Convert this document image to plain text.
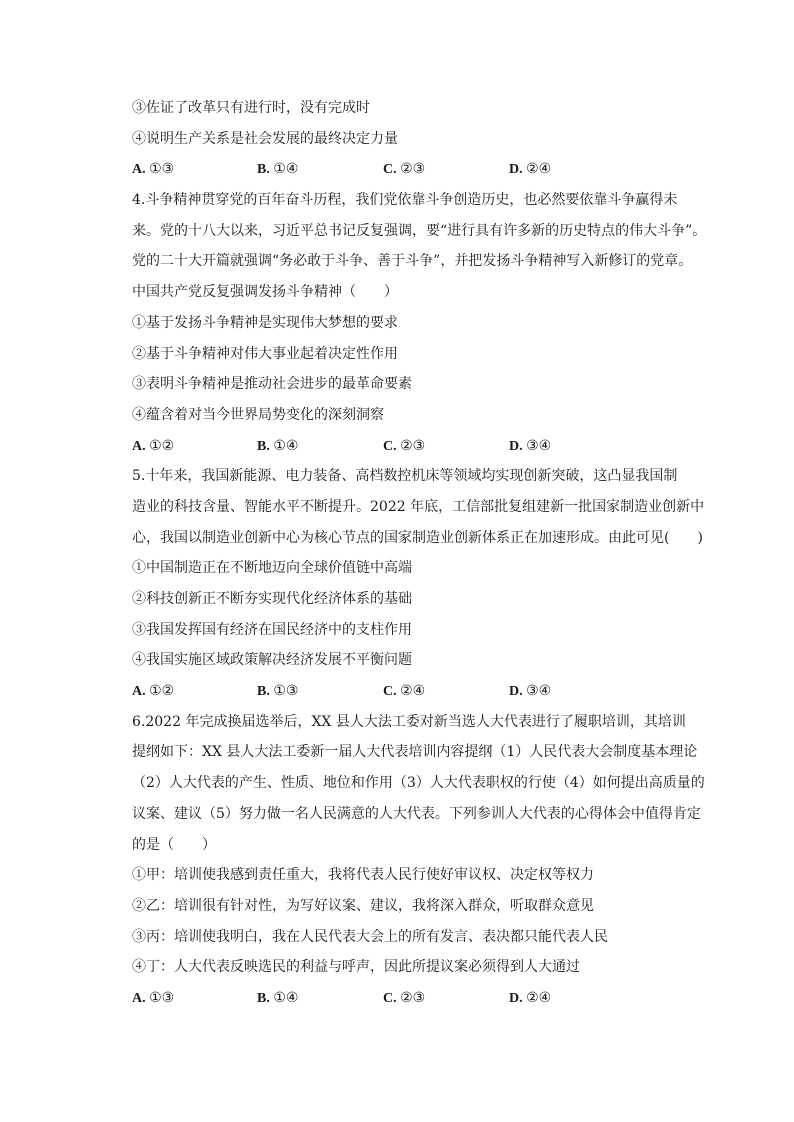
③佐证了改革只有进行时，没有完成时
④说明生产关系是社会发展的最终决定力量
A. ①③	B. ①④	C. ②③	D. ②④
4.斗争精神贯穿党的百年奋斗历程，我们党依靠斗争创造历史，也必然要依靠斗争赢得未
来。党的十八大以来，习近平总书记反复强调，要“进行具有许多新的历史特点的伟大斗争”。
党的二十大开篇就强调“务必敢于斗争、善于斗争”，并把发扬斗争精神写入新修订的党章。
中国共产党反复强调发扬斗争精神（　　）
①基于发扬斗争精神是实现伟大梦想的要求
②基于斗争精神对伟大事业起着决定性作用
③表明斗争精神是推动社会进步的最革命要素
④蕴含着对当今世界局势变化的深刻洞察
A. ①②	B. ①④	C. ②③	D. ③④
5.十年来，我国新能源、电力装备、高档数控机床等领域均实现创新突破，这凸显我国制
造业的科技含量、智能水平不断提升。2022 年底，工信部批复组建新一批国家制造业创新中
心，我国以制造业创新中心为核心节点的国家制造业创新体系正在加速形成。由此可见(　　)
①中国制造正在不断地迈向全球价值链中高端
②科技创新正不断夯实现代化经济体系的基础
③我国发挥国有经济在国民经济中的支柱作用
④我国实施区域政策解决经济发展不平衡问题
A. ①②	B. ①③	C. ②④	D. ③④
6.2022 年完成换届选举后，XX 县人大法工委对新当选人大代表进行了履职培训，其培训
提纲如下：XX 县人大法工委新一届人大代表培训内容提纲（1）人民代表大会制度基本理论
（2）人大代表的产生、性质、地位和作用（3）人大代表职权的行使（4）如何提出高质量的
议案、建议（5）努力做一名人民满意的人大代表。下列参训人大代表的心得体会中值得肯定
的是（　　）
①甲：培训使我感到责任重大，我将代表人民行使好审议权、决定权等权力
②乙：培训很有针对性，为写好议案、建议，我将深入群众，听取群众意见
③丙：培训使我明白，我在人民代表大会上的所有发言、表决都只能代表人民
④丁：人大代表反映选民的利益与呼声，因此所提议案必须得到人大通过
A. ①③	B. ①④	C. ②③	D. ②④
